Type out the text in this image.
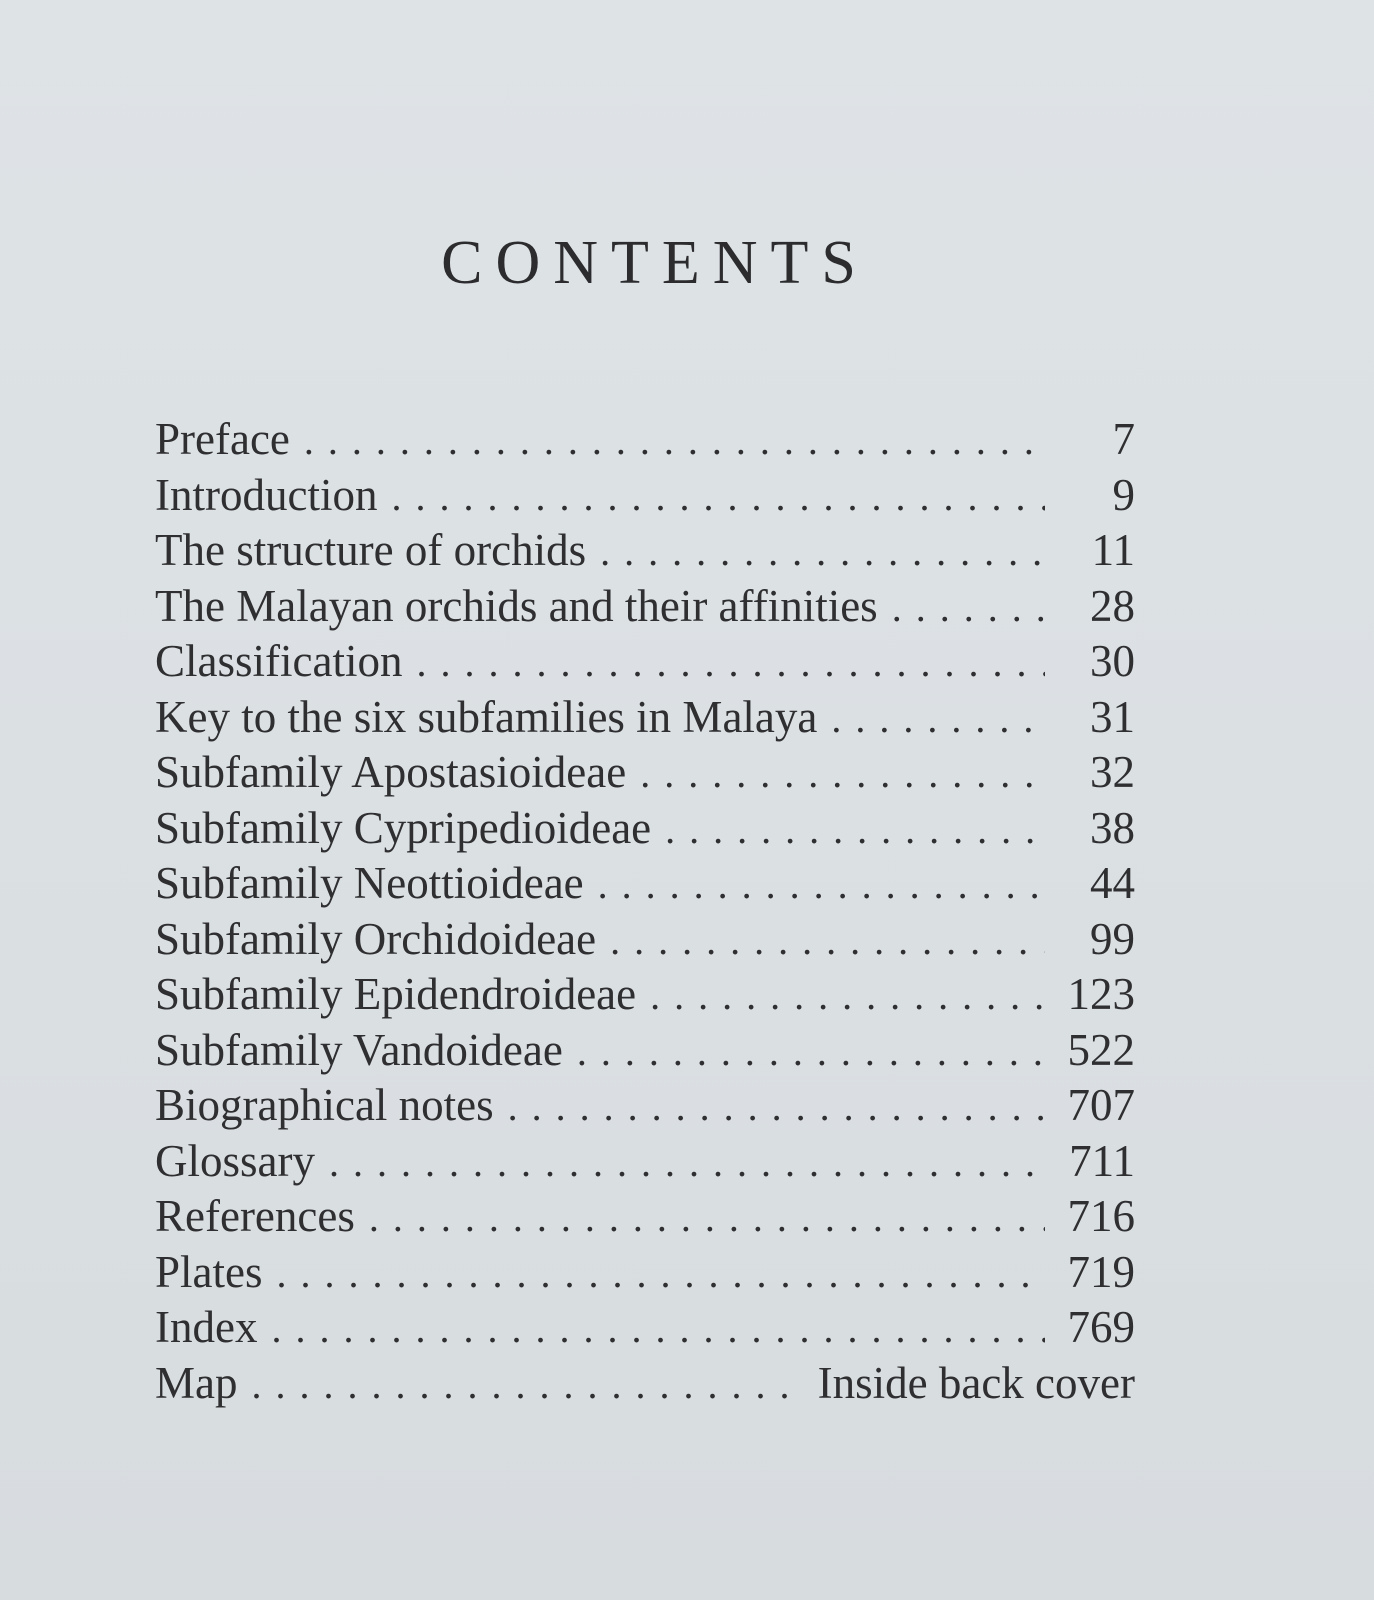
CONTENTS
Preface . . .	7
Introduction . . .	9
The structure of orchids . . .	11
The Malayan orchids and their affinities . . .	28
Classification . . .	30
Key to the six subfamilies in Malaya . . .	31
Subfamily Apostasioideae . . .	32
Subfamily Cypripedioideae . . .	38
Subfamily Neottioideae . . .	44
Subfamily Orchidoideae . . .	99
Subfamily Epidendroideae . . .	123
Subfamily Vandoideae . . .	522
Biographical notes . . .	707
Glossary . . .	711
References . . .	716
Plates . . .	719
Index . . .	769
Map . . .	Inside back cover
